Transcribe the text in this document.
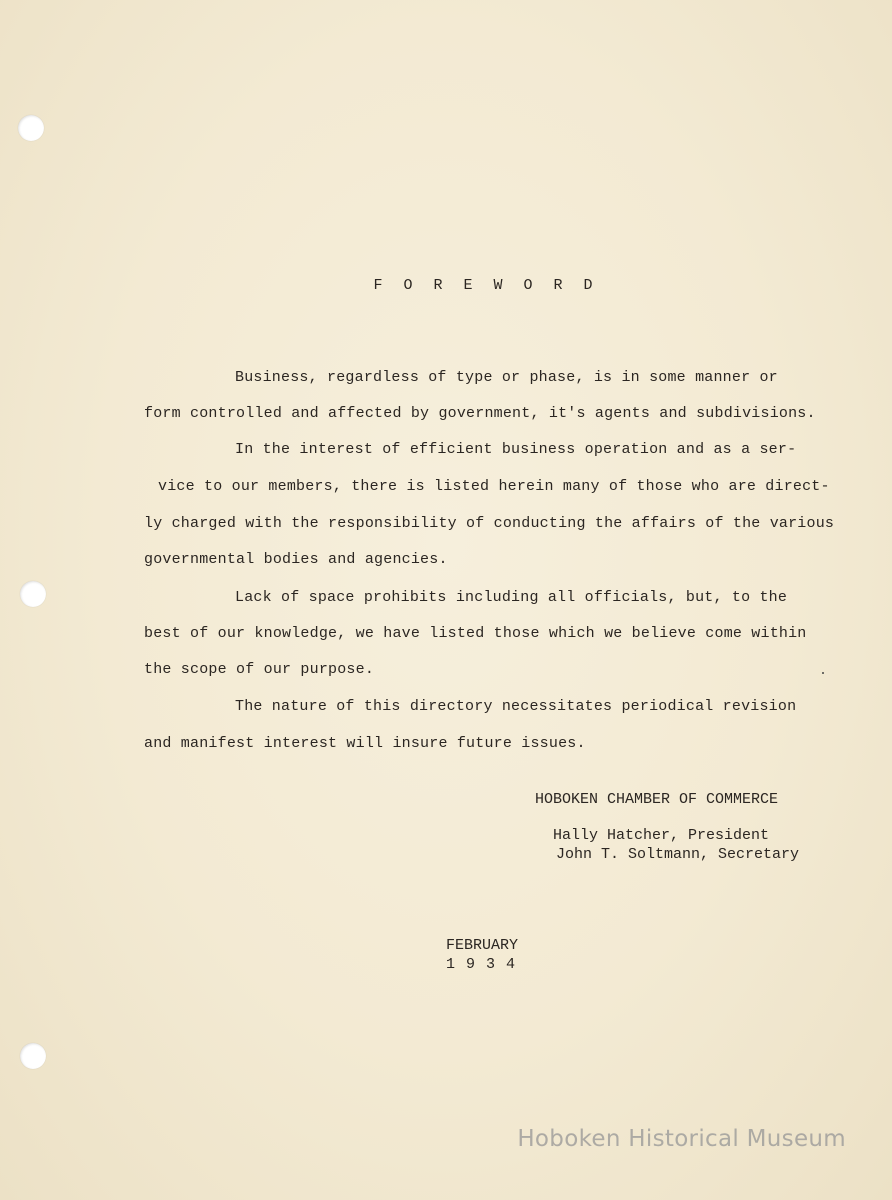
F O R E W O R D
Business, regardless of type or phase, is in some manner or
form controlled and affected by government, it's agents and subdivisions.
In the interest of efficient business operation and as a ser-
vice to our members, there is listed herein many of those who are direct-
ly charged with the responsibility of conducting the affairs of the various
governmental bodies and agencies.
Lack of space prohibits including all officials, but, to the
best of our knowledge, we have listed those which we believe come within
the scope of our purpose.
The nature of this directory necessitates periodical revision
and manifest interest will insure future issues.
HOBOKEN CHAMBER OF COMMERCE
Hally Hatcher, President
John T. Soltmann, Secretary
FEBRUARY
1 9 3 4
Hoboken Historical Museum
